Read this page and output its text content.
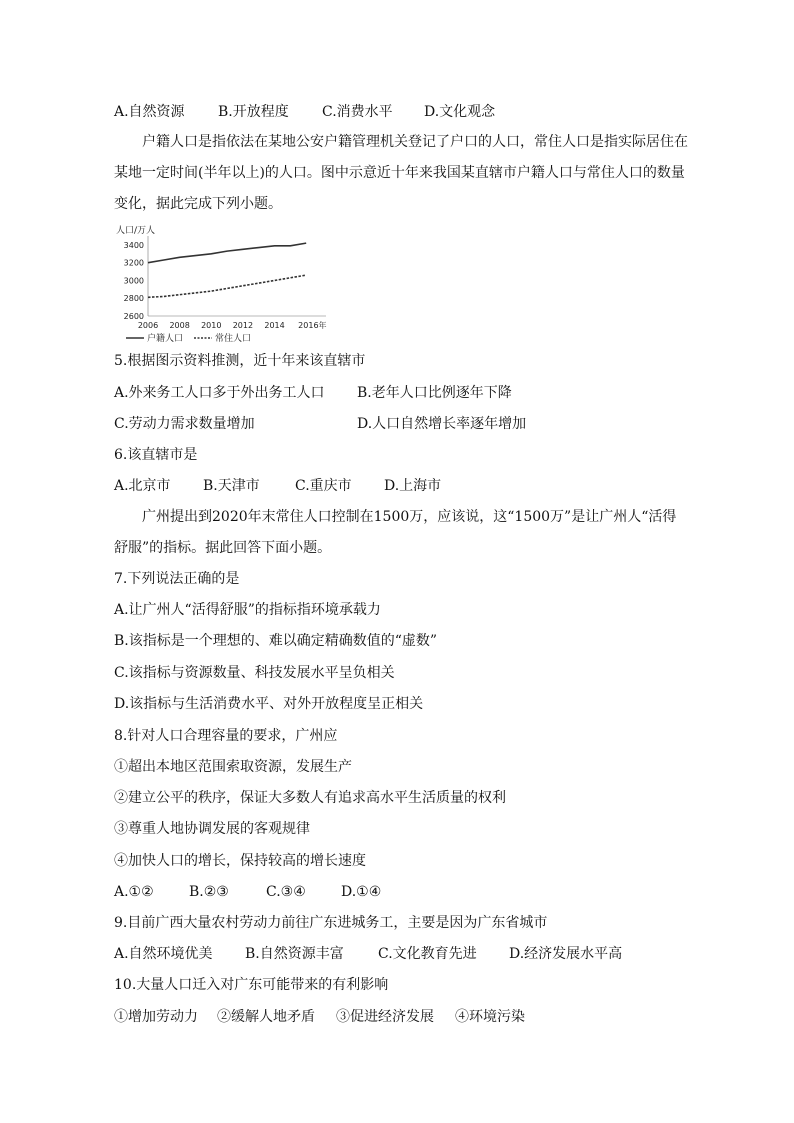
A.自然资源 B.开放程度 C.消费水平 D.文化观念
户籍人口是指依法在某地公安户籍管理机关登记了户口的人口，常住人口是指实际居住在某地一定时间(半年以上)的人口。图中示意近十年来我国某直辖市户籍人口与常住人口的数量变化，据此完成下列小题。
人口/万人
3400
3200
3000
2800
2600
2006 2008 2010 2012 2014 2016年
户籍人口	常住人口
5.根据图示资料推测，近十年来该直辖市
A.外来务工人口多于外出务工人口 B.老年人口比例逐年下降
C.劳动力需求数量增加	D.人口自然增长率逐年增加
6.该直辖市是
A.北京市 B.天津市	C.重庆市 D.上海市
广州提出到2020年末常住人口控制在1500万，应该说，这“1500万”是让广州人“活得舒服”的指标。据此回答下面小题。
7.下列说法正确的是
A.让广州人“活得舒服”的指标指环境承载力
B.该指标是一个理想的、难以确定精确数值的“虚数”
C.该指标与资源数量、科技发展水平呈负相关
D.该指标与生活消费水平、对外开放程度呈正相关
8.针对人口合理容量的要求，广州应
①超出本地区范围索取资源，发展生产
②建立公平的秩序，保证大多数人有追求高水平生活质量的权利
③尊重人地协调发展的客观规律
④加快人口的增长，保持较高的增长速度
A.①②	B.②③	C.③④	D.①④
9.目前广西大量农村劳动力前往广东进城务工，主要是因为广东省城市
A.自然环境优美 B.自然资源丰富 C.文化教育先进 D.经济发展水平高
10.大量人口迁入对广东可能带来的有利影响
①增加劳动力 ②缓解人地矛盾 ③促进经济发展 ④环境污染
